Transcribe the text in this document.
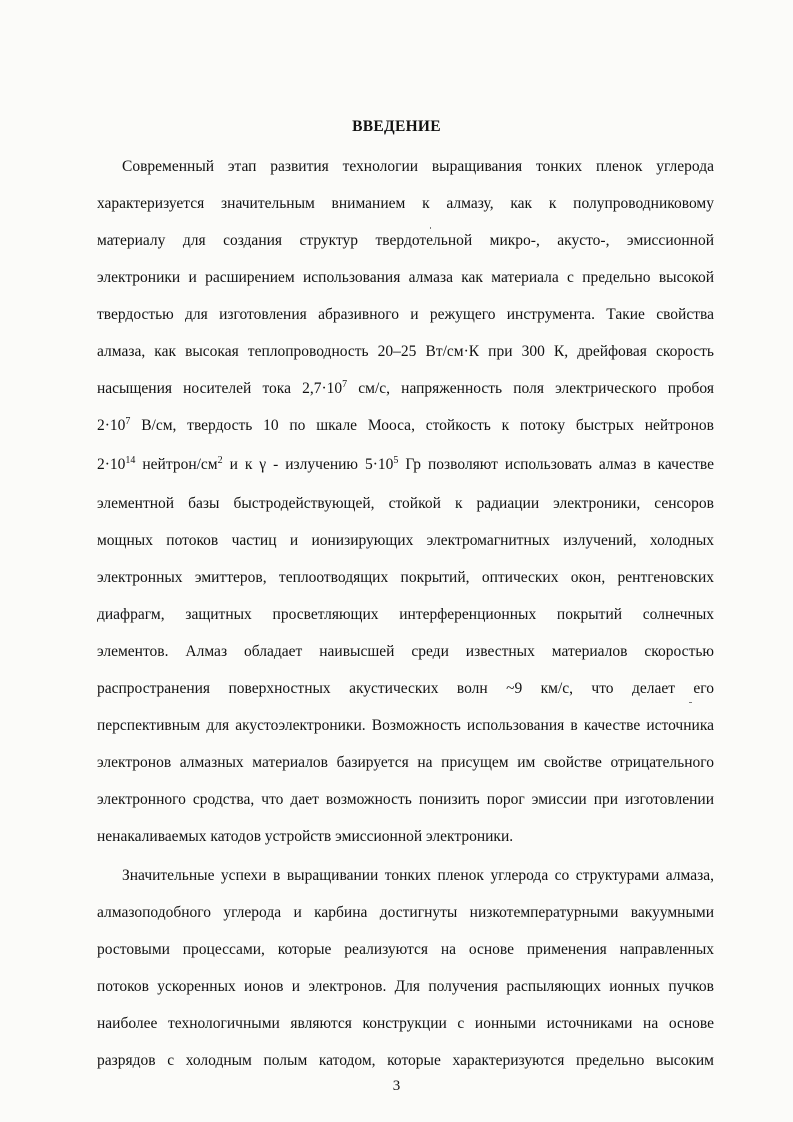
ВВЕДЕНИЕ
Современный этап развития технологии выращивания тонких пленок углерода
характеризуется значительным вниманием к алмазу, как к полупроводниковому
материалу для создания структур твердотельной микро-, акусто-, эмиссионной
электроники и расширением использования алмаза как материала с предельно высокой
твердостью для изготовления абразивного и режущего инструмента. Такие свойства
алмаза, как высокая теплопроводность 20–25 Вт/см·К при 300 К, дрейфовая скорость
насыщения носителей тока $2,7\cdot 10^7$ см/с, напряженность поля электрического пробоя
$2\cdot 10^7$ В/см, твердость 10 по шкале Мооса, стойкость к потоку быстрых нейтронов
$2\cdot 10^{14}$ нейтрон/$см^2$ и к γ - излучению $5\cdot 10^5$ Гр позволяют использовать алмаз в качестве
элементной базы быстродействующей, стойкой к радиации электроники, сенсоров
мощных потоков частиц и ионизирующих электромагнитных излучений, холодных
электронных эмиттеров, теплоотводящих покрытий, оптических окон, рентгеновских
диафрагм, защитных просветляющих интерференционных покрытий солнечных
элементов. Алмаз обладает наивысшей среди известных материалов скоростью
распространения поверхностных акустических волн ~9 км/с, что делает его
перспективным для акустоэлектроники. Возможность использования в качестве источника
электронов алмазных материалов базируется на присущем им свойстве отрицательного
электронного сродства, что дает возможность понизить порог эмиссии при изготовлении
ненакаливаемых катодов устройств эмиссионной электроники.
Значительные успехи в выращивании тонких пленок углерода со структурами алмаза,
алмазоподобного углерода и карбина достигнуты низкотемпературными вакуумными
ростовыми процессами, которые реализуются на основе применения направленных
потоков ускоренных ионов и электронов. Для получения распыляющих ионных пучков
наиболее технологичными являются конструкции с ионными источниками на основе
разрядов с холодным полым катодом, которые характеризуются предельно высоким
3
